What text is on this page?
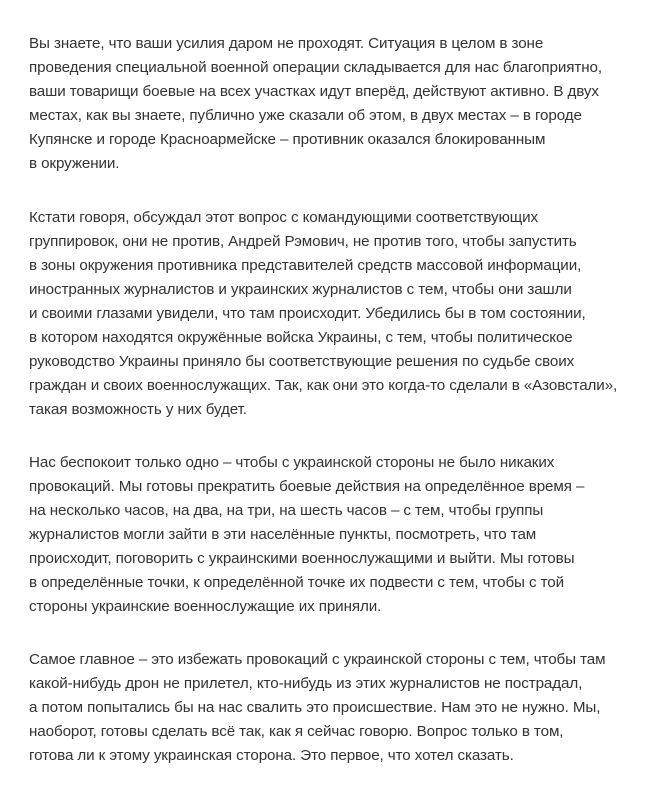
Вы знаете, что ваши усилия даром не проходят. Ситуация в целом в зоне
проведения специальной военной операции складывается для нас благоприятно,
ваши товарищи боевые на всех участках идут вперёд, действуют активно. В двух
местах, как вы знаете, публично уже сказали об этом, в двух местах – в городе
Купянске и городе Красноармейске – противник оказался блокированным
в окружении.

Кстати говоря, обсуждал этот вопрос с командующими соответствующих
группировок, они не против, Андрей Рэмович, не против того, чтобы запустить
в зоны окружения противника представителей средств массовой информации,
иностранных журналистов и украинских журналистов с тем, чтобы они зашли
и своими глазами увидели, что там происходит. Убедились бы в том состоянии,
в котором находятся окружённые войска Украины, с тем, чтобы политическое
руководство Украины приняло бы соответствующие решения по судьбе своих
граждан и своих военнослужащих. Так, как они это когда-то сделали в «Азовстали»,
такая возможность у них будет.

Нас беспокоит только одно – чтобы с украинской стороны не было никаких
провокаций. Мы готовы прекратить боевые действия на определённое время –
на несколько часов, на два, на три, на шесть часов – с тем, чтобы группы
журналистов могли зайти в эти населённые пункты, посмотреть, что там
происходит, поговорить с украинскими военнослужащими и выйти. Мы готовы
в определённые точки, к определённой точке их подвести с тем, чтобы с той
стороны украинские военнослужащие их приняли.

Самое главное – это избежать провокаций с украинской стороны с тем, чтобы там
какой-нибудь дрон не прилетел, кто-нибудь из этих журналистов не пострадал,
а потом попытались бы на нас свалить это происшествие. Нам это не нужно. Мы,
наоборот, готовы сделать всё так, как я сейчас говорю. Вопрос только в том,
готова ли к этому украинская сторона. Это первое, что хотел сказать.
